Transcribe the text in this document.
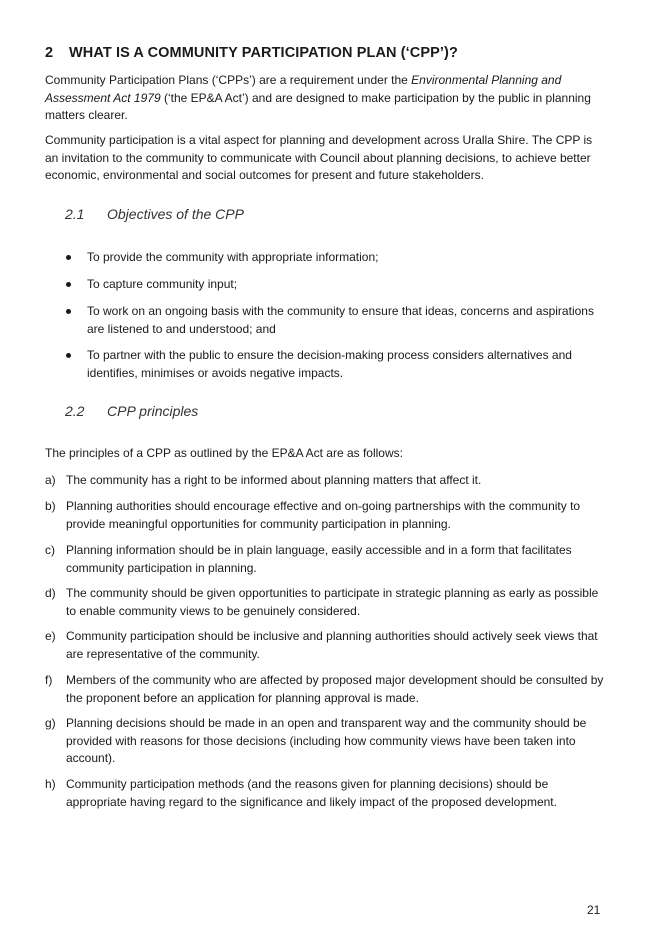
2 WHAT IS A COMMUNITY PARTICIPATION PLAN (‘CPP’)?
Community Participation Plans (‘CPPs’) are a requirement under the Environmental Planning and Assessment Act 1979 (‘the EP&A Act’) and are designed to make participation by the public in planning matters clearer.
Community participation is a vital aspect for planning and development across Uralla Shire. The CPP is an invitation to the community to communicate with Council about planning decisions, to achieve better economic, environmental and social outcomes for present and future stakeholders.
2.1 Objectives of the CPP
To provide the community with appropriate information;
To capture community input;
To work on an ongoing basis with the community to ensure that ideas, concerns and aspirations are listened to and understood; and
To partner with the public to ensure the decision-making process considers alternatives and identifies, minimises or avoids negative impacts.
2.2 CPP principles
The principles of a CPP as outlined by the EP&A Act are as follows:
a) The community has a right to be informed about planning matters that affect it.
b) Planning authorities should encourage effective and on-going partnerships with the community to provide meaningful opportunities for community participation in planning.
c) Planning information should be in plain language, easily accessible and in a form that facilitates community participation in planning.
d) The community should be given opportunities to participate in strategic planning as early as possible to enable community views to be genuinely considered.
e) Community participation should be inclusive and planning authorities should actively seek views that are representative of the community.
f) Members of the community who are affected by proposed major development should be consulted by the proponent before an application for planning approval is made.
g) Planning decisions should be made in an open and transparent way and the community should be provided with reasons for those decisions (including how community views have been taken into account).
h) Community participation methods (and the reasons given for planning decisions) should be appropriate having regard to the significance and likely impact of the proposed development.
21
